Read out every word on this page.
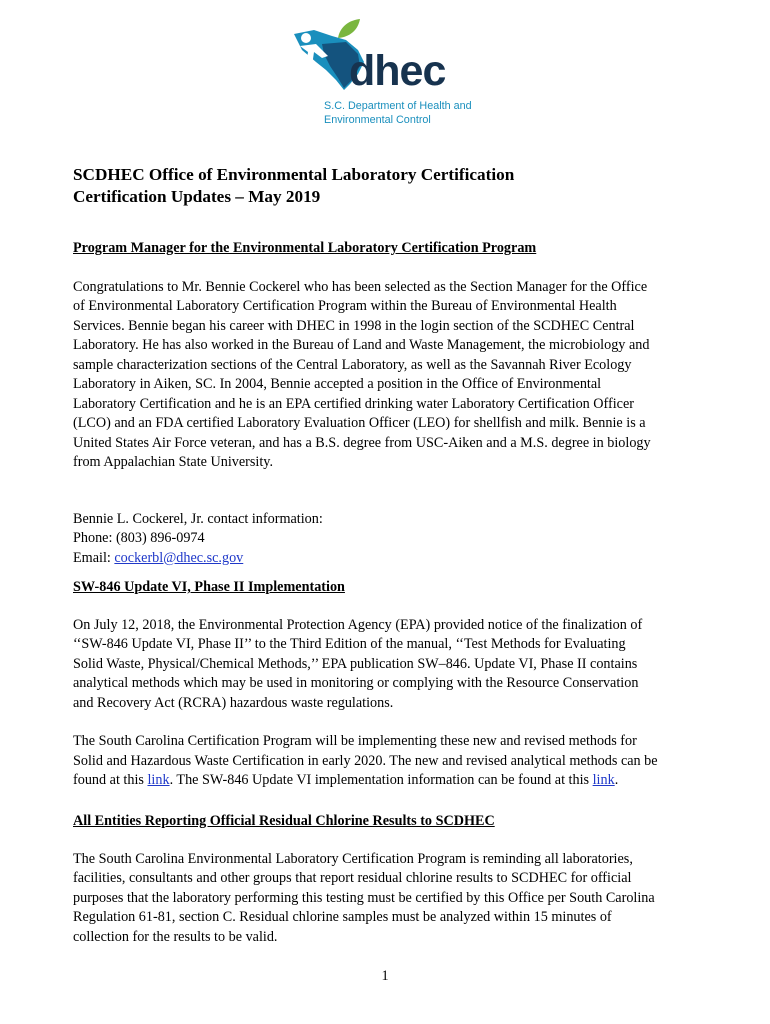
dhec
S.C. Department of Health and
Environmental Control
SCDHEC Office of Environmental Laboratory Certification
Certification Updates – May 2019
Program Manager for the Environmental Laboratory Certification Program

Congratulations to Mr. Bennie Cockerel who has been selected as the Section Manager for the Office
of Environmental Laboratory Certification Program within the Bureau of Environmental Health
Services. Bennie began his career with DHEC in 1998 in the login section of the SCDHEC Central
Laboratory. He has also worked in the Bureau of Land and Waste Management, the microbiology and
sample characterization sections of the Central Laboratory, as well as the Savannah River Ecology
Laboratory in Aiken, SC. In 2004, Bennie accepted a position in the Office of Environmental
Laboratory Certification and he is an EPA certified drinking water Laboratory Certification Officer
(LCO) and an FDA certified Laboratory Evaluation Officer (LEO) for shellfish and milk. Bennie is a
United States Air Force veteran, and has a B.S. degree from USC-Aiken and a M.S. degree in biology
from Appalachian State University.

Bennie L. Cockerel, Jr. contact information:
Phone: (803) 896-0974
Email: cockerbl@dhec.sc.gov

SW-846 Update VI, Phase II Implementation

On July 12, 2018, the Environmental Protection Agency (EPA) provided notice of the finalization of
‘‘SW-846 Update VI, Phase II’’ to the Third Edition of the manual, ‘‘Test Methods for Evaluating
Solid Waste, Physical/Chemical Methods,’’ EPA publication SW–846. Update VI, Phase II contains
analytical methods which may be used in monitoring or complying with the Resource Conservation
and Recovery Act (RCRA) hazardous waste regulations.

The South Carolina Certification Program will be implementing these new and revised methods for
Solid and Hazardous Waste Certification in early 2020. The new and revised analytical methods can be
found at this link. The SW-846 Update VI implementation information can be found at this link.

All Entities Reporting Official Residual Chlorine Results to SCDHEC

The South Carolina Environmental Laboratory Certification Program is reminding all laboratories,
facilities, consultants and other groups that report residual chlorine results to SCDHEC for official
purposes that the laboratory performing this testing must be certified by this Office per South Carolina
Regulation 61-81, section C. Residual chlorine samples must be analyzed within 15 minutes of
collection for the results to be valid.

1
